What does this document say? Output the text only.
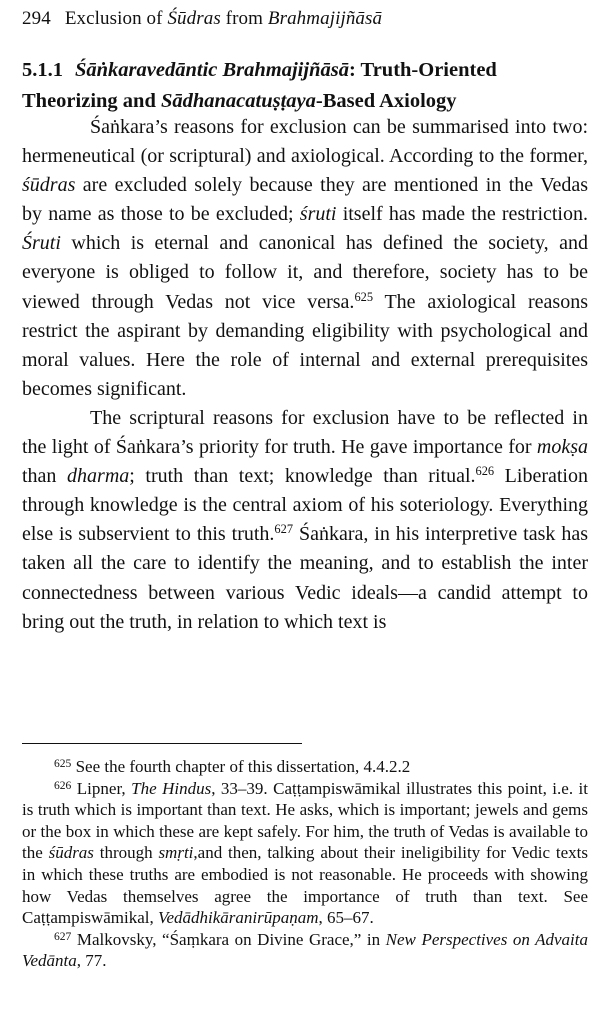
294 Exclusion of Śūdras from Brahmajijñāsā
5.1.1 Śāṅkaravedāntic Brahmajijñāsā: Truth-Oriented Theorizing and Sādhanacatuṣṭaya-Based Axiology

Śaṅkara’s reasons for exclusion can be summarised into two: hermeneutical (or scriptural) and axiological. According to the former, śūdras are excluded solely because they are mentioned in the Vedas by name as those to be excluded; śruti itself has made the restriction. Śruti which is eternal and canonical has defined the society, and everyone is obliged to follow it, and therefore, society has to be viewed through Vedas not vice versa.$^{625}$ The axiological reasons restrict the aspirant by demanding eligibility with psychological and moral values. Here the role of internal and external prerequisites becomes significant.

The scriptural reasons for exclusion have to be reflected in the light of Śaṅkara’s priority for truth. He gave importance for mokṣa than dharma; truth than text; knowledge than ritual.$^{626}$ Liberation through knowledge is the central axiom of his soteriology. Everything else is subservient to this truth.$^{627}$ Śaṅkara, in his interpretive task has taken all the care to identify the meaning, and to establish the inter connectedness between various Vedic ideals—a candid attempt to bring out the truth, in relation to which text is

$^{625}$ See the fourth chapter of this dissertation, 4.4.2.2

$^{626}$ Lipner, The Hindus, 33–39. Caṭṭampiswāmikal illustrates this point, i.e. it is truth which is important than text. He asks, which is important; jewels and gems or the box in which these are kept safely. For him, the truth of Vedas is available to the śūdras through smṛti,and then, talking about their ineligibility for Vedic texts in which these truths are embodied is not reasonable. He proceeds with showing how Vedas themselves agree the importance of truth than text. See Caṭṭampiswāmikal, Vedādhikāranirūpaṇam, 65–67.

$^{627}$ Malkovsky, “Śaṃkara on Divine Grace,” in New Perspectives on Advaita Vedānta, 77.
